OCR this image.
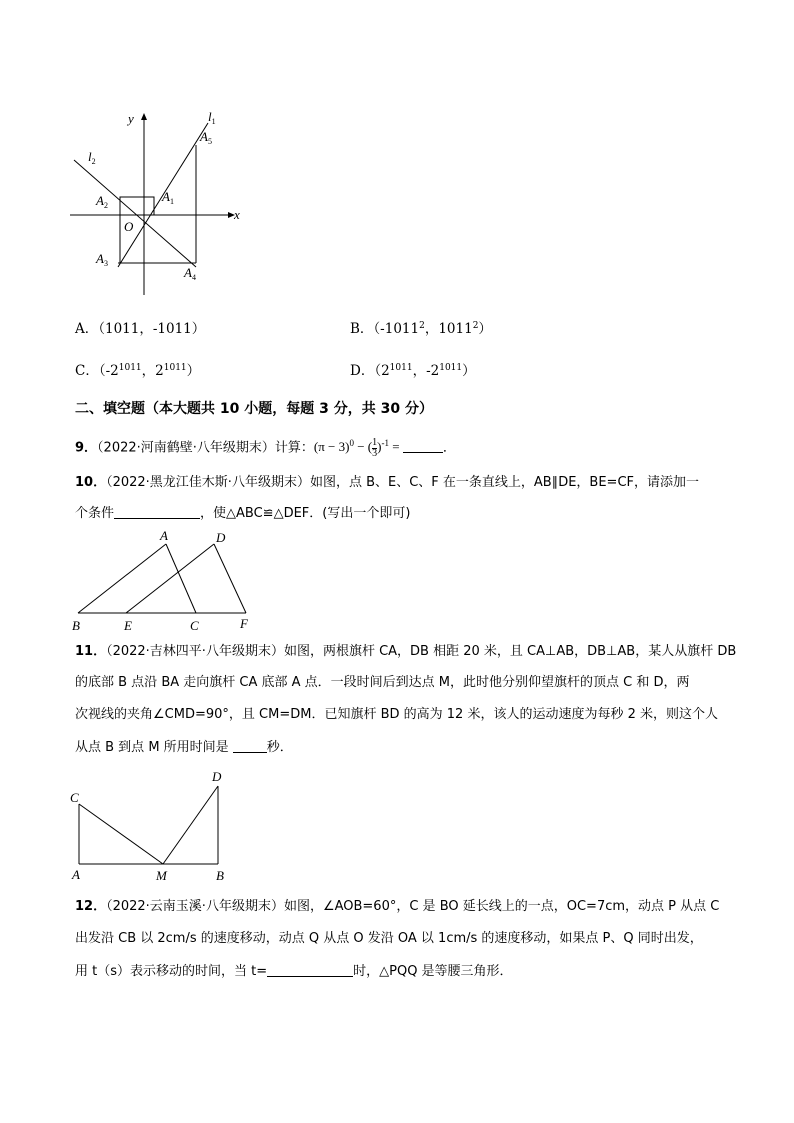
y
x
$l_1$
$l_2$
$A_5$
$A_1$
$A_2$
O
$A_3$
$A_4$
A．（1011，-1011）	B．（-1011$^2$，1011$^2$）
C．（$-2^{1011}$，$2^{1011}$）	D．（$2^{1011}$，$-2^{1011}$）
二、填空题（本大题共 10 小题，每题 3 分，共 30 分）
9．（2022·河南鹤壁·八年级期末）计算：$(\pi - 3)^0$ − ( $\frac{1}{3} )^{-1}$ =	．
10．（2022·黑龙江佳木斯·八年级期末）如图，点 B、E、C、F 在一条直线上，AB∥DE，BE=CF，请添加一
个条件	，使△ABC≌△DEF．(写出一个即可)
A	D
B	E	C	F
11．（2022·吉林四平·八年级期末）如图，两根旗杆 CA，DB 相距 20 米，且 CA⊥AB，DB⊥AB，某人从旗杆 DB
的底部 B 点沿 BA 走向旗杆 CA 底部 A 点．一段时间后到达点 M，此时他分别仰望旗杆的顶点 C 和 D，两
次视线的夹角∠CMD=90°，且 CM=DM．已知旗杆 BD 的高为 12 米，该人的运动速度为每秒 2 米，则这个人
从点 B 到点 M 所用时间是	秒．
C
D
A	M	B
12．（2022·云南玉溪·八年级期末）如图，∠AOB=60°，C 是 BO 延长线上的一点，OC=7cm，动点 P 从点 C
出发沿 CB 以 2cm/s 的速度移动，动点 Q 从点 O 发沿 OA 以 1cm/s 的速度移动，如果点 P、Q 同时出发，
用 t（s）表示移动的时间，当 t=	时，△PQQ 是等腰三角形．
